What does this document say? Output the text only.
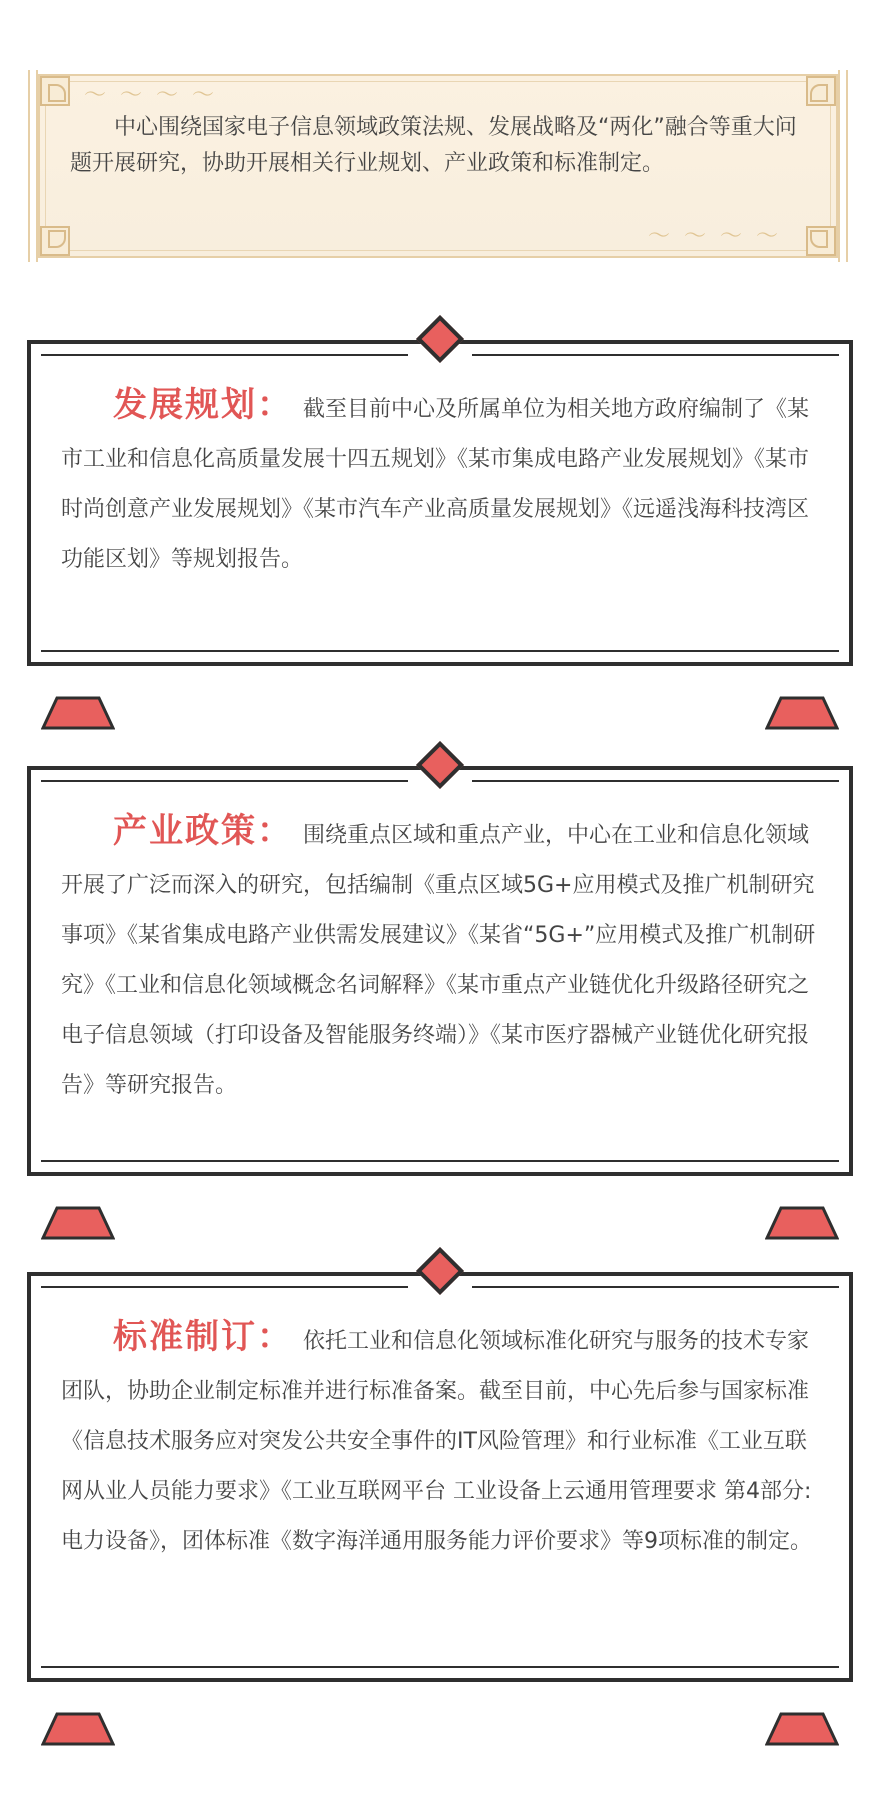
～～～～
～～～～
中心围绕国家电子信息领域政策法规、发展战略及“两化”融合等重大问题开展研究，协助开展相关行业规划、产业政策和标准制定。
发展规划： 截至目前中心及所属单位为相关地方政府编制了《某市工业和信息化高质量发展十四五规划》《某市集成电路产业发展规划》《某市时尚创意产业发展规划》《某市汽车产业高质量发展规划》《远遥浅海科技湾区功能区划》等规划报告。
产业政策： 围绕重点区域和重点产业，中心在工业和信息化领域开展了广泛而深入的研究，包括编制《重点区域5G+应用模式及推广机制研究事项》《某省集成电路产业供需发展建议》《某省“5G+”应用模式及推广机制研究》《工业和信息化领域概念名词解释》《某市重点产业链优化升级路径研究之电子信息领域（打印设备及智能服务终端）》《某市医疗器械产业链优化研究报告》等研究报告。
标准制订： 依托工业和信息化领域标准化研究与服务的技术专家团队，协助企业制定标准并进行标准备案。截至目前，中心先后参与国家标准《信息技术服务应对突发公共安全事件的IT风险管理》和行业标准《工业互联网从业人员能力要求》《工业互联网平台 工业设备上云通用管理要求 第4部分:电力设备》，团体标准《数字海洋通用服务能力评价要求》等9项标准的制定。
